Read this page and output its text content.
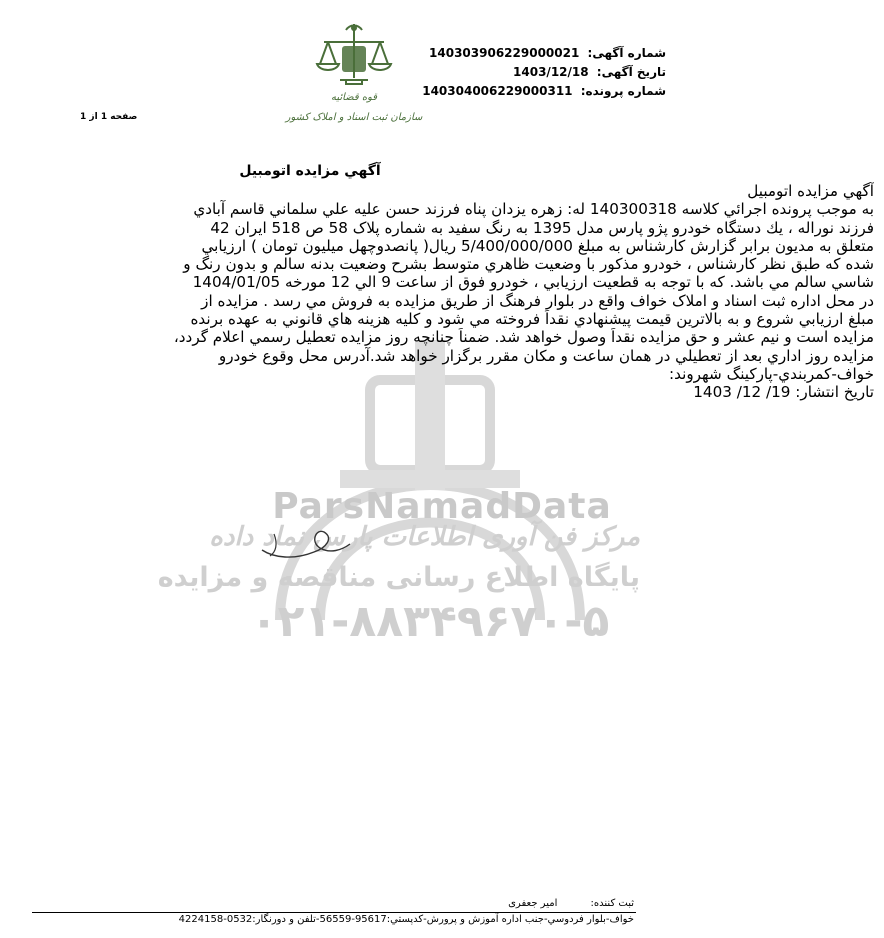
ParsNamadData
مرکز فن آوری اطلاعات پارس نماد داده
پایگاه اطلاع رسانی مناقصه و مزایده
۰۲۱-۸۸۳۴۹۶۷۰-۵
شماره آگهی: 140303906229000021
تاریخ آگهی: 1403/12/18
شماره پرونده: 140304006229000311
قوه قضائیه
سازمان ثبت اسناد و املاک کشور
صفحه 1 از 1
آگهي مزايده اتومبيل
آگهي مزايده اتومبيل
به موجب پرونده اجرائي كلاسه 140300318 له: زهره يزدان پناه فرزند حسن عليه علي سلماني قاسم آبادي
فرزند نوراله ، يك دستگاه خودرو پژو پارس مدل 1395 به رنگ سفيد به شماره پلاک 58 ص 518 ايران 42
متعلق به مديون برابر گزارش كارشناس به مبلغ 5/400/000/000 ريال( پانصدوچهل ميليون تومان ) ارزيابي
شده كه طبق نظر كارشناس ، خودرو مذكور با وضعيت ظاهري متوسط بشرح وضعيت بدنه سالم و بدون رنگ و
شاسي سالم مي باشد. كه با توجه به قطعيت ارزيابي ، خودرو فوق از ساعت 9 الي 12 مورخه 1404/01/05
در محل اداره ثبت اسناد و املاک خواف واقع در بلوار فرهنگ از طريق مزايده به فروش مي رسد . مزايده از
مبلغ ارزيابي شروع و به بالاترين قيمت پيشنهادي نقداً فروخته مي شود و كليه هزينه هاي قانوني به عهده برنده
مزايده است و نيم عشر و حق مزايده نقداً وصول خواهد شد. ضمناً چنانچه روز مزايده تعطيل رسمي اعلام گردد،
مزايده روز اداري بعد از تعطيلي در همان ساعت و مكان مقرر برگزار خواهد شد.آدرس محل وقوع خودرو
خواف-كمربندي-پاركينگ شهروند:
تاريخ انتشار: 19/ 12/ 1403
ثبت کننده: امیر جعفری
خواف-بلوار فردوسي-جنب اداره آموزش و پرورش-كدپستي:95617-56559-تلفن و دورنگار:0532-4224158
